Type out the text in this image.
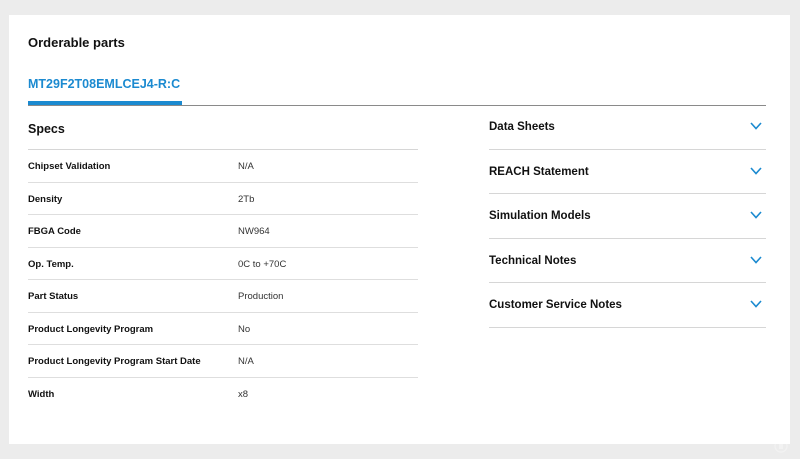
Orderable parts
MT29F2T08EMLCEJ4-R:C
Specs
Chipset Validation	N/A
Density	2Tb
FBGA Code	NW964
Op. Temp.	0C to +70C
Part Status	Production
Product Longevity Program	No
Product Longevity Program Start Date	N/A
Width	x8
Data Sheets
REACH Statement
Simulation Models
Technical Notes
Customer Service Notes
